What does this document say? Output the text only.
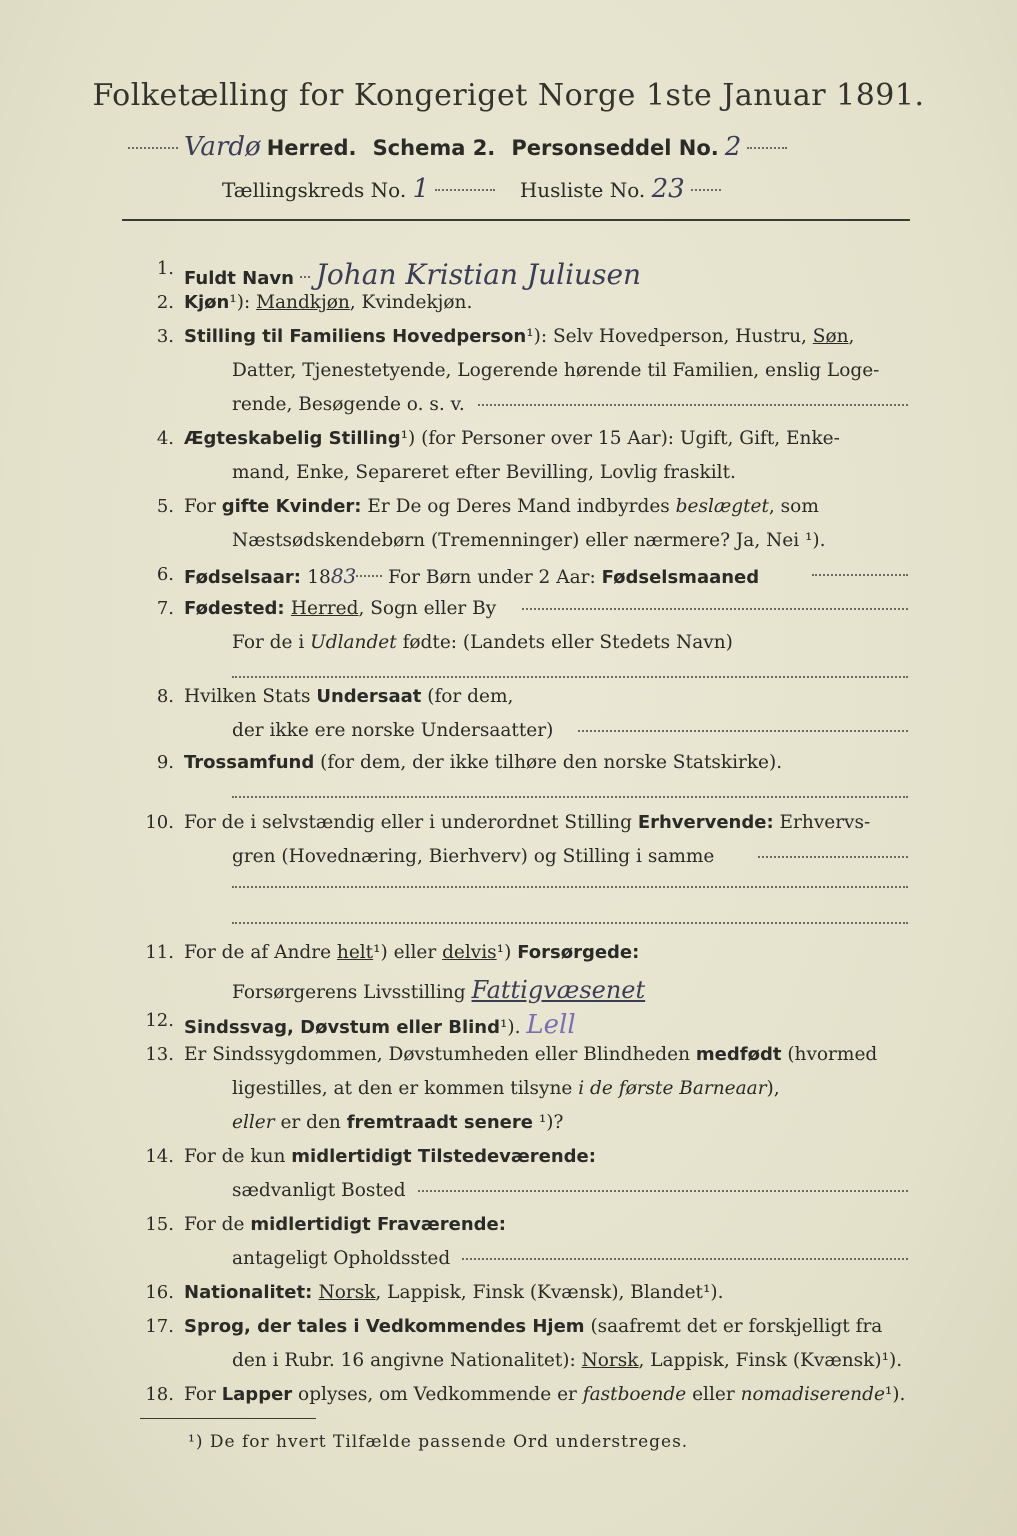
Folketælling for Kongeriget Norge 1ste Januar 1891.
Vardø Herred. Schema 2. Personseddel No. 2
Tællingskreds No. 1	Husliste No. 23
1. Fuldt Navn Johan Kristian Juliusen
2. Kjøn¹): Mandkjøn, Kvindekjøn.
3. Stilling til Familiens Hovedperson¹): Selv Hovedperson, Hustru, Søn,
Datter, Tjenestetyende, Logerende hørende til Familien, enslig Loge-
rende, Besøgende o. s. v.
4. Ægteskabelig Stilling¹) (for Personer over 15 Aar): Ugift, Gift, Enke-
mand, Enke, Separeret efter Bevilling, Lovlig fraskilt.
5. For gifte Kvinder: Er De og Deres Mand indbyrdes beslægtet, som
Næstsødskendebørn (Tremenninger) eller nærmere? Ja, Nei ¹).
6. Fødselsaar: 1883 For Børn under 2 Aar: Fødselsmaaned
7. Fødested: Herred, Sogn eller By
For de i Udlandet fødte: (Landets eller Stedets Navn)
8. Hvilken Stats Undersaat (for dem,
der ikke ere norske Undersaatter)
9. Trossamfund (for dem, der ikke tilhøre den norske Statskirke).
10. For de i selvstændig eller i underordnet Stilling Erhvervende: Erhvervs-
gren (Hovednæring, Bierhverv) og Stilling i samme
11. For de af Andre helt¹) eller delvis¹) Forsørgede:
Forsørgerens Livsstilling Fattigvæsenet
12. Sindssvag, Døvstum eller Blind¹). Lell
13. Er Sindssygdommen, Døvstumheden eller Blindheden medfødt (hvormed
ligestilles, at den er kommen tilsyne i de første Barneaar),
eller er den fremtraadt senere ¹)?
14. For de kun midlertidigt Tilstedeværende:
sædvanligt Bosted
15. For de midlertidigt Fraværende:
antageligt Opholdssted
16. Nationalitet: Norsk, Lappisk, Finsk (Kvænsk), Blandet¹).
17. Sprog, der tales i Vedkommendes Hjem (saafremt det er forskjelligt fra
den i Rubr. 16 angivne Nationalitet): Norsk, Lappisk, Finsk (Kvænsk)¹).
18. For Lapper oplyses, om Vedkommende er fastboende eller nomadiserende¹).
¹) De for hvert Tilfælde passende Ord understreges.
